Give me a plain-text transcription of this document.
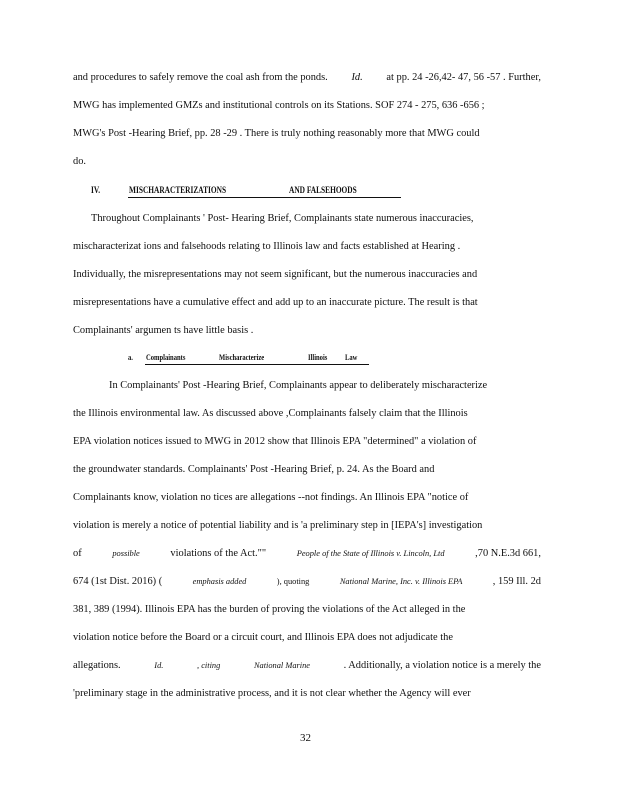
and procedures to safely remove the coal ash from the ponds. Id. at pp. 24 -26,42- 47, 56 -57 . Further,
MWG has implemented GMZs and institutional controls on its Stations. SOF 274 - 275, 636 -656 ;
MWG's Post -Hearing Brief, pp. 28 -29 . There is truly nothing reasonably more that MWG could
do.
IV.	MISCHARACTERIZATIONS	AND FALSEHOODS
Throughout Complainants ' Post- Hearing Brief, Complainants state numerous inaccuracies,
mischaracterizat ions and falsehoods relating to Illinois law and facts established at Hearing .
Individually, the misrepresentations may not seem significant, but the numerous inaccuracies and
misrepresentations have a cumulative effect and add up to an inaccurate picture. The result is that
Complainants' argumen ts have little basis .
a. Complainants	Mischaracterize	Illinois Law
In Complainants' Post -Hearing Brief, Complainants appear to deliberately mischaracterize
the Illinois environmental law. As discussed above ,Complainants falsely claim that the Illinois
EPA violation notices issued to MWG in 2012 show that Illinois EPA "determined" a violation of
the groundwater standards. Complainants' Post -Hearing Brief, p. 24. As the Board and
Complainants know, violation no tices are allegations --not findings. An Illinois EPA "notice of
violation is merely a notice of potential liability and is 'a preliminary step in [IEPA's] investigation
of	possible	violations of the Act.""	People of the State of Illinois v. Lincoln, Ltd	,70 N.E.3d 661,
674 (1st Dist. 2016) (	emphasis added	), quoting	National Marine, Inc. v. Illinois EPA	, 159 Ill. 2d
381, 389 (1994). Illinois EPA has the burden of proving the violations of the Act alleged in the
violation notice before the Board or a circuit court, and Illinois EPA does not adjudicate the
allegations.	Id.	, citing	National Marine	. Additionally, a violation notice is a merely the
'preliminary stage in the administrative process, and it is not clear whether the Agency will ever
32
